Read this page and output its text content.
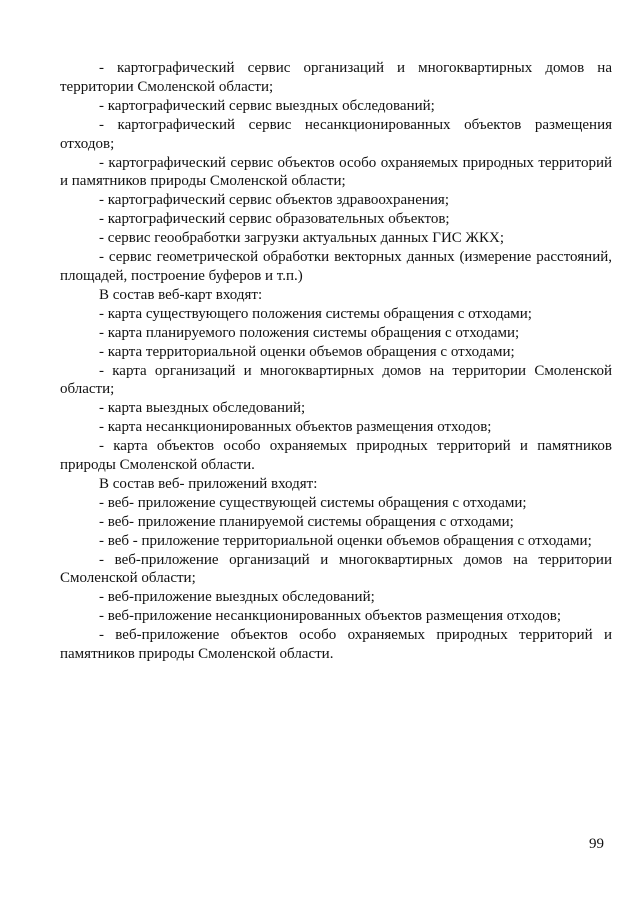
- картографический сервис организаций и многоквартирных домов на территории Смоленской области;

- картографический сервис выездных обследований;

- картографический сервис несанкционированных объектов размещения отходов;

- картографический сервис объектов особо охраняемых природных территорий и памятников природы Смоленской области;

- картографический сервис объектов здравоохранения;

- картографический сервис образовательных объектов;

- сервис геообработки загрузки актуальных данных ГИС ЖКХ;

- сервис геометрической обработки векторных данных (измерение расстояний, площадей, построение буферов и т.п.)

В состав веб-карт входят:

- карта существующего положения системы обращения с отходами;

- карта планируемого положения системы обращения с отходами;

- карта территориальной оценки объемов обращения с отходами;

- карта организаций и многоквартирных домов на территории Смоленской области;

- карта выездных обследований;

- карта несанкционированных объектов размещения отходов;

- карта объектов особо охраняемых природных территорий и памятников природы Смоленской области.

В состав веб- приложений входят:

- веб- приложение существующей системы обращения с отходами;

- веб- приложение планируемой системы обращения с отходами;

- веб - приложение территориальной оценки объемов обращения с отходами;

- веб-приложение организаций и многоквартирных домов на территории Смоленской области;

- веб-приложение выездных обследований;

- веб-приложение несанкционированных объектов размещения отходов;

- веб-приложение объектов особо охраняемых природных территорий и памятников природы Смоленской области.

99
